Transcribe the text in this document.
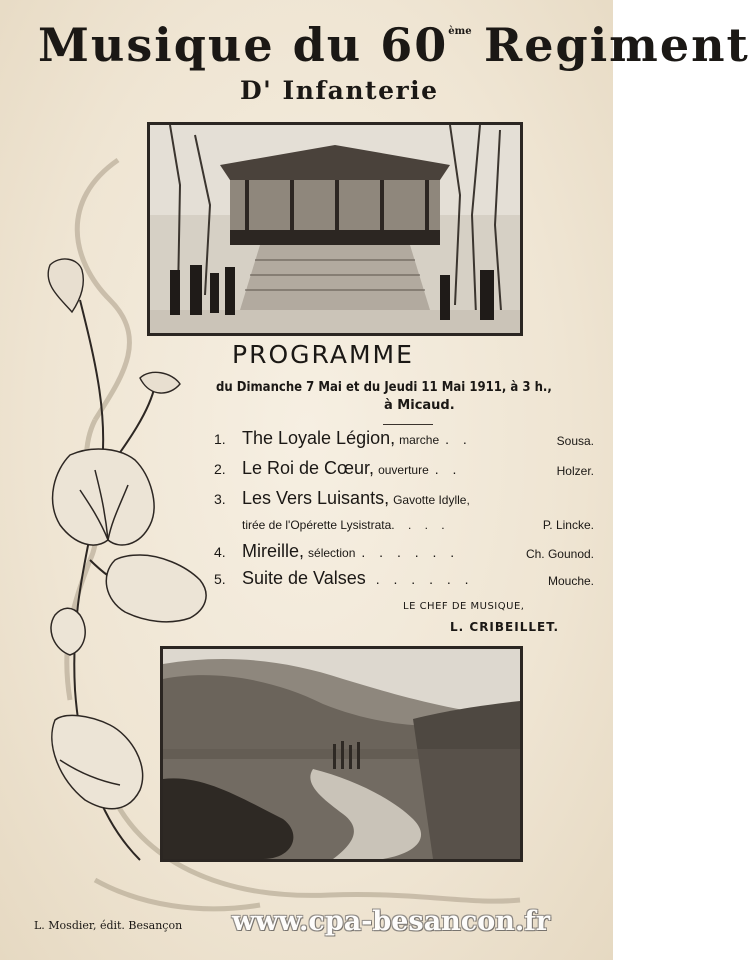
Musique du 60ème Regiment
D' Infanterie
PROGRAMME
du Dimanche 7 Mai et du Jeudi 11 Mai 1911, à 3 h.,
à Micaud.
1. The Loyale Légion, marche . .	Sousa.
2. Le Roi de Cœur, ouverture . .	Holzer.
3. Les Vers Luisants, Gavotte Idylle,
tirée de l'Opérette Lysistrata. . . .	P. Lincke.
4. Mireille, sélection . . . . . .	Ch. Gounod.
5. Suite de Valses . . . . . .	Mouche.
LE CHEF DE MUSIQUE,
L. CRIBEILLET.
L. Mosdier, édit. Besançon www.cpa-besancon.fr
